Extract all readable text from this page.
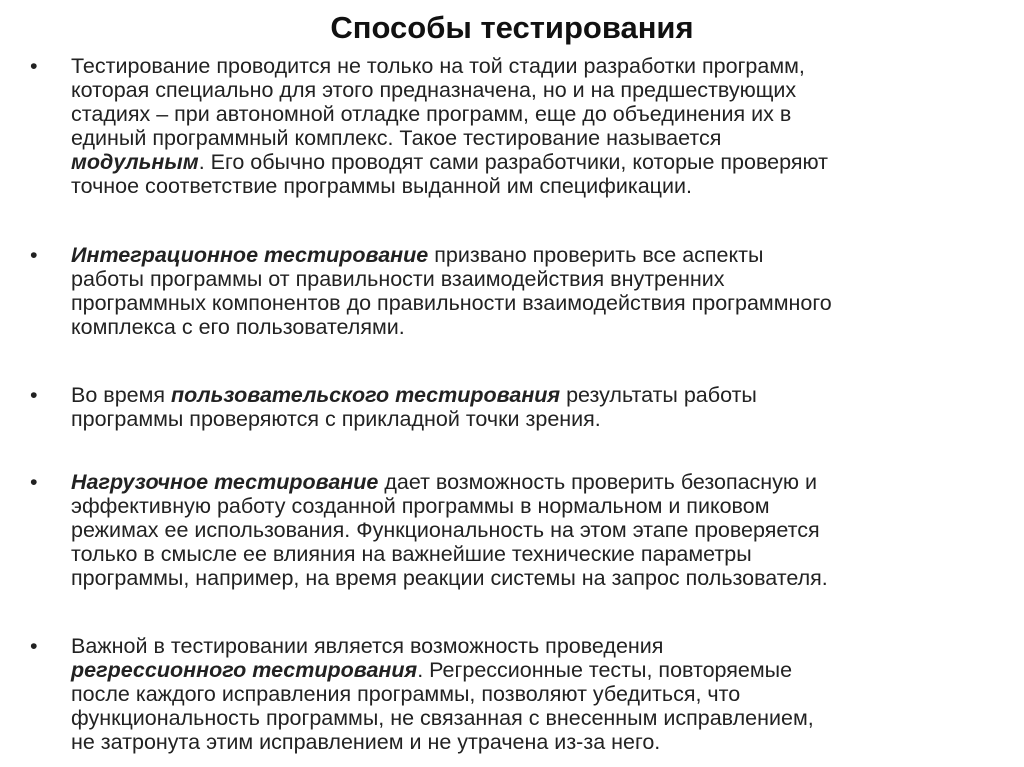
Способы тестирования
•	Тестирование проводится не только на той стадии разработки программ,
которая специально для этого предназначена, но и на предшествующих
стадиях – при автономной отладке программ, еще до объединения их в
единый программный комплекс. Такое тестирование называется
модульным. Его обычно проводят сами разработчики, которые проверяют
точное соответствие программы выданной им спецификации.
•	Интеграционное тестирование призвано проверить все аспекты
работы программы от правильности взаимодействия внутренних
программных компонентов до правильности взаимодействия программного
комплекса с его пользователями.
•	Во время пользовательского тестирования результаты работы
программы проверяются с прикладной точки зрения.
•	Нагрузочное тестирование дает возможность проверить безопасную и
эффективную работу созданной программы в нормальном и пиковом
режимах ее использования. Функциональность на этом этапе проверяется
только в смысле ее влияния на важнейшие технические параметры
программы, например, на время реакции системы на запрос пользователя.
•	Важной в тестировании является возможность проведения
регрессионного тестирования. Регрессионные тесты, повторяемые
после каждого исправления программы, позволяют убедиться, что
функциональность программы, не связанная с внесенным исправлением,
не затронута этим исправлением и не утрачена из-за него.
